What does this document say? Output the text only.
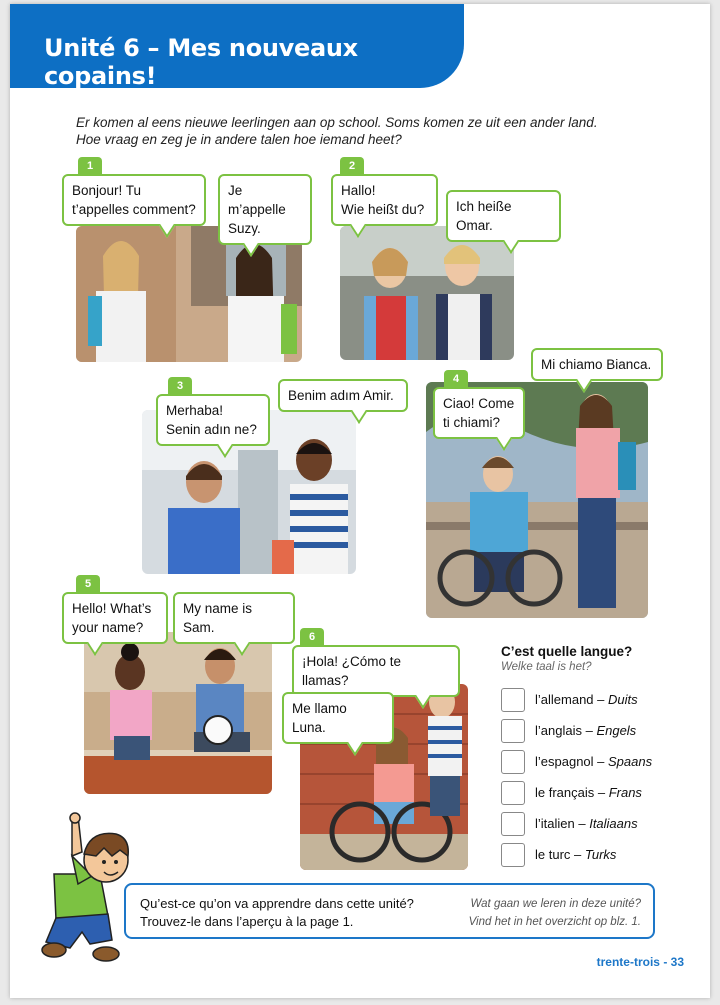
Unité 6 – Mes nouveaux copains!

Er komen al eens nieuwe leerlingen aan op school. Soms komen ze uit een ander land.
Hoe vraag en zeg je in andere talen hoe iemand heet?

1
Bonjour! Tu
t’appelles comment?
Je m’appelle
Suzy.
2
Hallo!
Wie heißt du?	Ich heiße Omar.
3
Merhaba!
Senin adın ne?
Benim adım Amir.
4
Ciao! Come
ti chiami?
Mi chiamo Bianca.
5
Hello! What’s
your name?
My name is Sam.
6
¡Hola! ¿Cómo te llamas?
Me llamo Luna.
C’est quelle langue?
Welke taal is het?
l’allemand – Duits
l’anglais – Engels
l’espagnol – Spaans
le français – Frans
l’italien – Italiaans
le turc – Turks

Qu’est-ce qu’on va apprendre dans cette unité?
Trouvez-le dans l’aperçu à la page 1.

Wat gaan we leren in deze unité?
Vind het in het overzicht op blz. 1.

trente-trois - 33
